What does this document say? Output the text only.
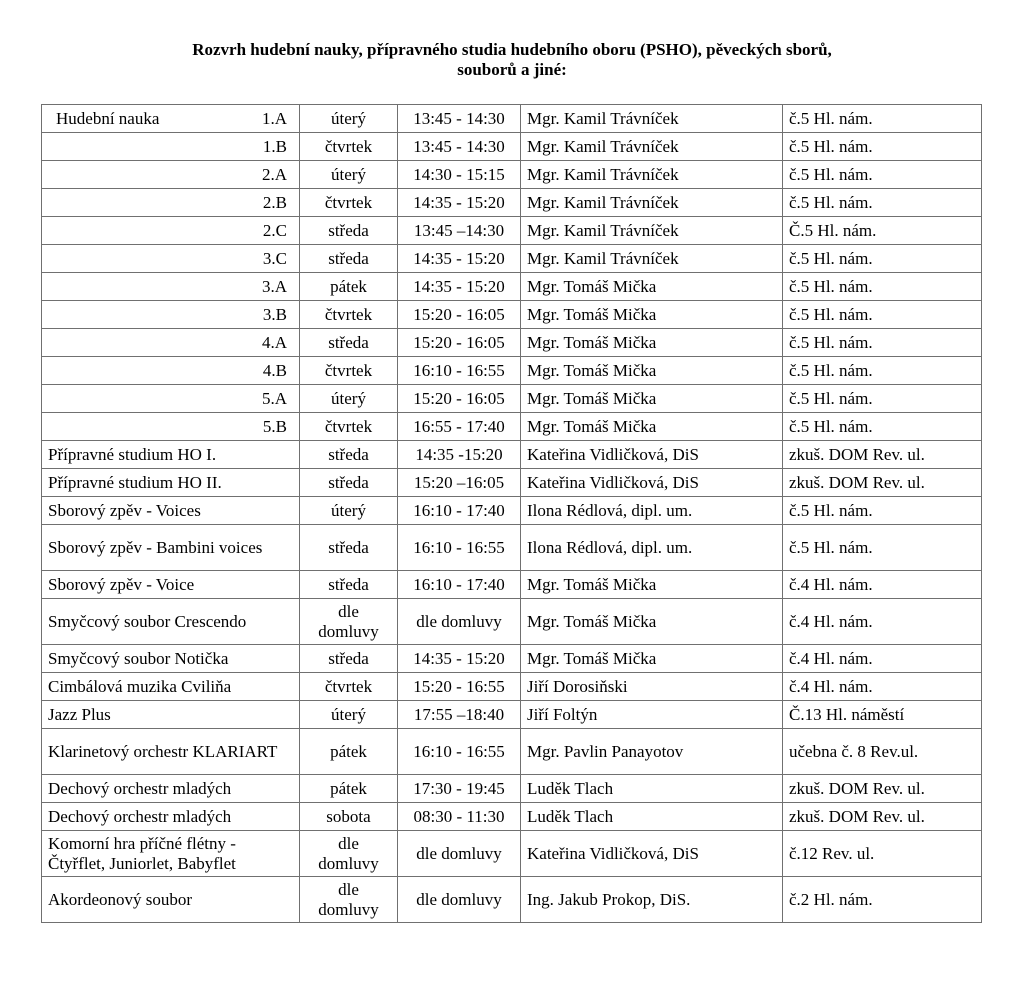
Rozvrh hudební nauky, přípravného studia hudebního oboru (PSHO), pěveckých sborů,
souborů a jiné:
Hudební nauka 1.A	úterý	13:45 - 14:30	Mgr. Kamil Trávníček	č.5 Hl. nám.

1.B	čtvrtek	13:45 - 14:30	Mgr. Kamil Trávníček	č.5 Hl. nám.

2.A	úterý	14:30 - 15:15	Mgr. Kamil Trávníček	č.5 Hl. nám.

2.B	čtvrtek	14:35 - 15:20	Mgr. Kamil Trávníček	č.5 Hl. nám.

2.C	středa	13:45 –14:30	Mgr. Kamil Trávníček	Č.5 Hl. nám.

3.C	středa	14:35 - 15:20	Mgr. Kamil Trávníček	č.5 Hl. nám.

3.A	pátek	14:35 - 15:20	Mgr. Tomáš Mička	č.5 Hl. nám.

3.B	čtvrtek	15:20 - 16:05	Mgr. Tomáš Mička	č.5 Hl. nám.

4.A	středa	15:20 - 16:05	Mgr. Tomáš Mička	č.5 Hl. nám.

4.B	čtvrtek	16:10 - 16:55	Mgr. Tomáš Mička	č.5 Hl. nám.

5.A	úterý	15:20 - 16:05	Mgr. Tomáš Mička	č.5 Hl. nám.

5.B	čtvrtek	16:55 - 17:40	Mgr. Tomáš Mička	č.5 Hl. nám.
Přípravné studium HO I.	středa	14:35 -15:20	Kateřina Vidličková, DiS	zkuš. DOM Rev. ul.
Přípravné studium HO II.	středa	15:20 –16:05	Kateřina Vidličková, DiS	zkuš. DOM Rev. ul.
Sborový zpěv - Voices	úterý	16:10 - 17:40	Ilona Rédlová, dipl. um.	č.5 Hl. nám.
Sborový zpěv - Bambini voices	středa	16:10 - 16:55	Ilona Rédlová, dipl. um.	č.5 Hl. nám.
Sborový zpěv - Voice	středa	16:10 - 17:40	Mgr. Tomáš Mička	č.4 Hl. nám.
Smyčcový soubor Crescendo	dle domluvy	dle domluvy	Mgr. Tomáš Mička	č.4 Hl. nám.
Smyčcový soubor Notička	středa	14:35 - 15:20	Mgr. Tomáš Mička	č.4 Hl. nám.
Cimbálová muzika Cviliňa	čtvrtek	15:20 - 16:55	Jiří Dorosiňski	č.4 Hl. nám.
Jazz Plus	úterý	17:55 –18:40	Jiří Foltýn	Č.13 Hl. náměstí
Klarinetový orchestr KLARIART	pátek	16:10 - 16:55	Mgr. Pavlin Panayotov	učebna č. 8 Rev.ul.
Dechový orchestr mladých	pátek	17:30 - 19:45	Luděk Tlach	zkuš. DOM Rev. ul.
Dechový orchestr mladých	sobota	08:30 - 11:30	Luděk Tlach	zkuš. DOM Rev. ul.
Komorní hra příčné flétny - Čtyřflet, Juniorlet, Babyflet	dle domluvy	dle domluvy	Kateřina Vidličková, DiS	č.12 Rev. ul.
Akordeonový soubor	dle domluvy	dle domluvy	Ing. Jakub Prokop, DiS.	č.2 Hl. nám.
